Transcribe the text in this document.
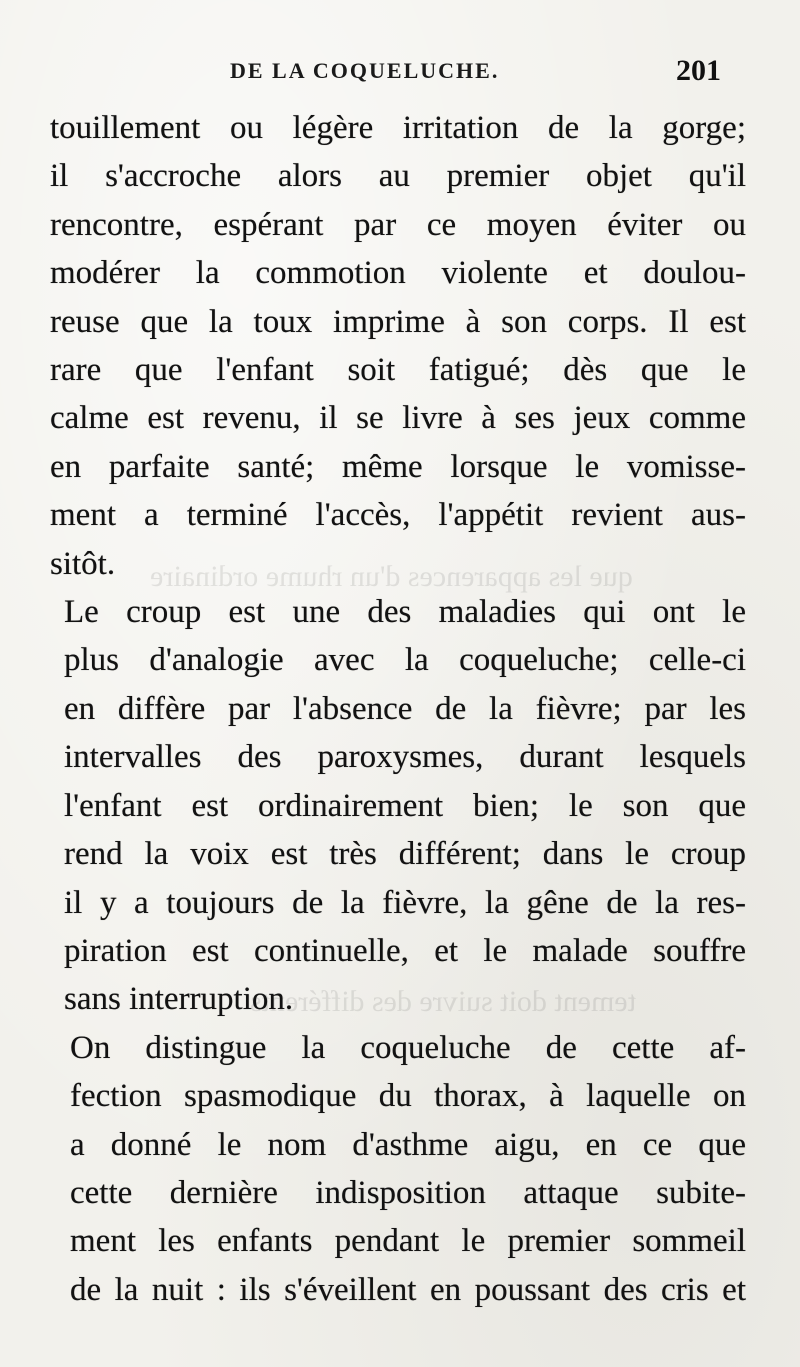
que les apparences d'un rhume ordinaire
tement doit suivre des différents
DE LA COQUELUCHE.	201
touillement ou légère irritation de la gorge;
il s'accroche alors au premier objet qu'il
rencontre, espérant par ce moyen éviter ou
modérer la commotion violente et doulou-
reuse que la toux imprime à son corps. Il est
rare que l'enfant soit fatigué; dès que le
calme est revenu, il se livre à ses jeux comme
en parfaite santé; même lorsque le vomisse-
ment a terminé l'accès, l'appétit revient aus-
sitôt.
Le croup est une des maladies qui ont le
plus d'analogie avec la coqueluche; celle-ci
en diffère par l'absence de la fièvre; par les
intervalles des paroxysmes, durant lesquels
l'enfant est ordinairement bien; le son que
rend la voix est très différent; dans le croup
il y a toujours de la fièvre, la gêne de la res-
piration est continuelle, et le malade souffre
sans interruption.
On distingue la coqueluche de cette af-
fection spasmodique du thorax, à laquelle on
a donné le nom d'asthme aigu, en ce que
cette dernière indisposition attaque subite-
ment les enfants pendant le premier sommeil
de la nuit : ils s'éveillent en poussant des cris et
